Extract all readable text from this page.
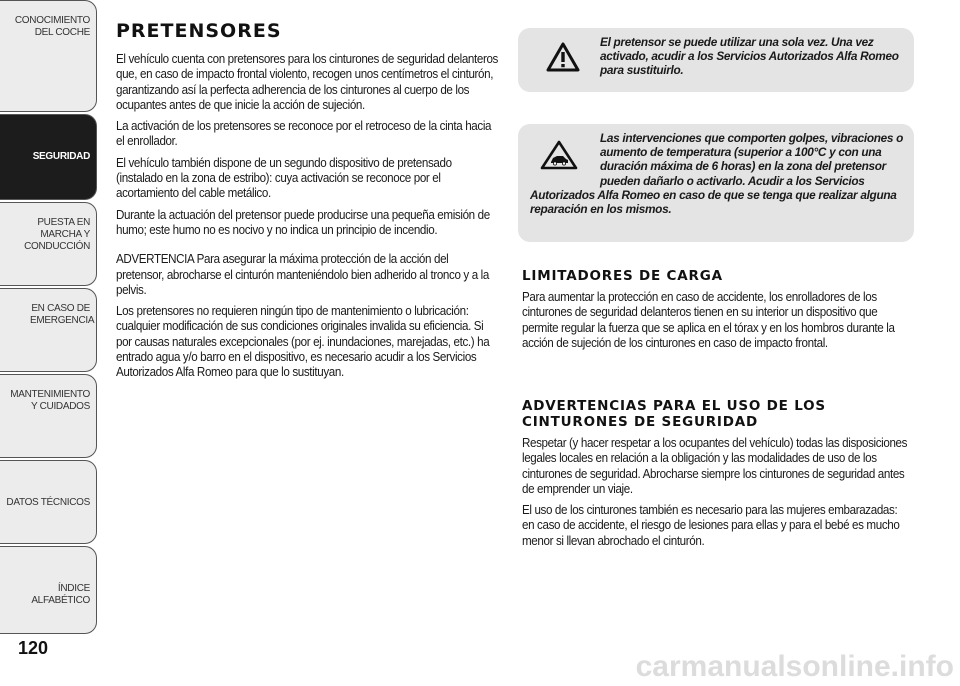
CONOCIMIENTO DEL COCHE
SEGURIDAD
PUESTA EN MARCHA Y CONDUCCIÓN
EN CASO DE EMERGENCIA
MANTENIMIENTO Y CUIDADOS
DATOS TÉCNICOS
ÍNDICE ALFABÉTICO
120
PRETENSORES

El vehículo cuenta con pretensores para los cinturones de seguridad delanteros que, en caso de impacto frontal violento, recogen unos centímetros el cinturón, garantizando así la perfecta adherencia de los cinturones al cuerpo de los ocupantes antes de que inicie la acción de sujeción.

La activación de los pretensores se reconoce por el retroceso de la cinta hacia el enrollador.

El vehículo también dispone de un segundo dispositivo de pretensado (instalado en la zona de estribo): cuya activación se reconoce por el acortamiento del cable metálico.

Durante la actuación del pretensor puede producirse una pequeña emisión de humo; este humo no es nocivo y no indica un principio de incendio.

ADVERTENCIA Para asegurar la máxima protección de la acción del pretensor, abrocharse el cinturón manteniéndolo bien adherido al tronco y a la pelvis.

Los pretensores no requieren ningún tipo de mantenimiento o lubricación: cualquier modificación de sus condiciones originales invalida su eficiencia. Si por causas naturales excepcionales (por ej. inundaciones, marejadas, etc.) ha entrado agua y/o barro en el dispositivo, es necesario acudir a los Servicios Autorizados Alfa Romeo para que lo sustituyan.

El pretensor se puede utilizar una sola vez. Una vez activado, acudir a los Servicios Autorizados Alfa Romeo para sustituirlo.
Las intervenciones que comporten golpes, vibraciones o aumento de temperatura (superior a 100°C y con una duración máxima de 6 horas) en la zona del pretensor pueden dañarlo o activarlo. Acudir a los Servicios Autorizados Alfa Romeo en caso de que se tenga que realizar alguna reparación en los mismos.
LIMITADORES DE CARGA

Para aumentar la protección en caso de accidente, los enrolladores de los cinturones de seguridad delanteros tienen en su interior un dispositivo que permite regular la fuerza que se aplica en el tórax y en los hombros durante la acción de sujeción de los cinturones en caso de impacto frontal.

ADVERTENCIAS PARA EL USO DE LOS CINTURONES DE SEGURIDAD

Respetar (y hacer respetar a los ocupantes del vehículo) todas las disposiciones legales locales en relación a la obligación y las modalidades de uso de los cinturones de seguridad. Abrocharse siempre los cinturones de seguridad antes de emprender un viaje.

El uso de los cinturones también es necesario para las mujeres embarazadas: en caso de accidente, el riesgo de lesiones para ellas y para el bebé es mucho menor si llevan abrochado el cinturón.

carmanualsonline.info
